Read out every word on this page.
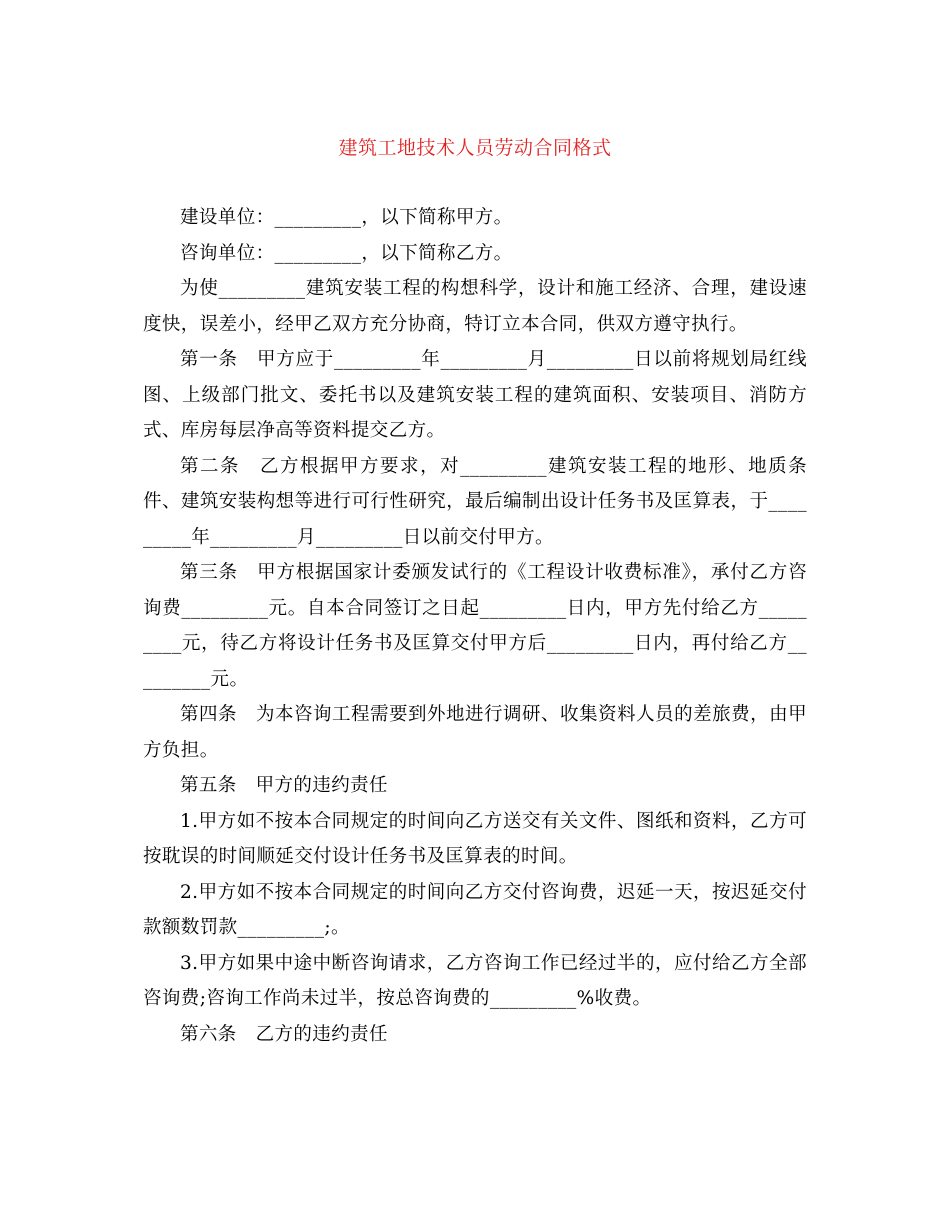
建筑工地技术人员劳动合同格式

建设单位：_________，以下简称甲方。

咨询单位：_________，以下简称乙方。

为使_________建筑安装工程的构想科学，设计和施工经济、合理，建设速度快，误差小，经甲乙双方充分协商，特订立本合同，供双方遵守执行。

第一条　甲方应于_________年_________月_________日以前将规划局红线图、上级部门批文、委托书以及建筑安装工程的建筑面积、安装项目、消防方式、库房每层净高等资料提交乙方。

第二条　乙方根据甲方要求，对_________建筑安装工程的地形、地质条件、建筑安装构想等进行可行性研究，最后编制出设计任务书及匡算表，于_________年_________月_________日以前交付甲方。

第三条　甲方根据国家计委颁发试行的《工程设计收费标准》，承付乙方咨询费_________元。自本合同签订之日起_________日内，甲方先付给乙方_________元，待乙方将设计任务书及匡算交付甲方后_________日内，再付给乙方_________元。

第四条　为本咨询工程需要到外地进行调研、收集资料人员的差旅费，由甲方负担。

第五条　甲方的违约责任

1.甲方如不按本合同规定的时间向乙方送交有关文件、图纸和资料，乙方可按耽误的时间顺延交付设计任务书及匡算表的时间。

2.甲方如不按本合同规定的时间向乙方交付咨询费，迟延一天，按迟延交付款额数罚款_________;。

3.甲方如果中途中断咨询请求，乙方咨询工作已经过半的，应付给乙方全部咨询费;咨询工作尚未过半，按总咨询费的_________%收费。

第六条　乙方的违约责任
